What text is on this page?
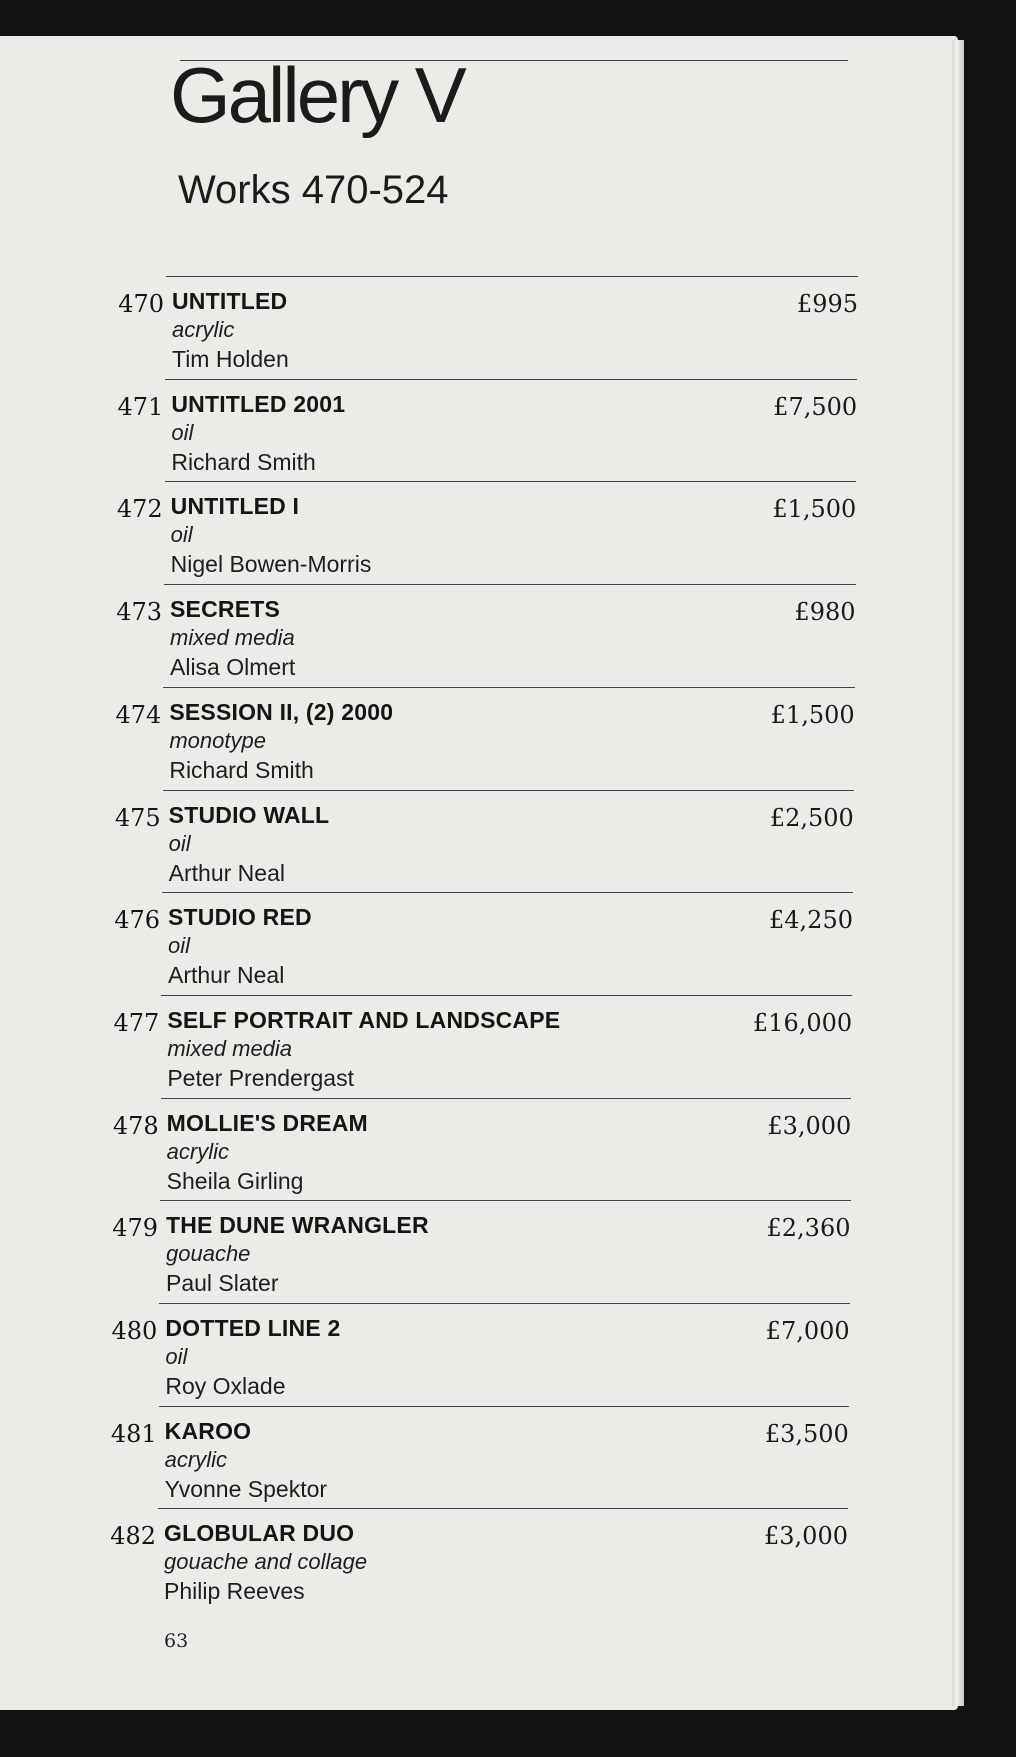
Gallery V
Works 470-524
470 UNTITLED
acrylic
Tim Holden
£995
471 UNTITLED 2001
oil
Richard Smith
£7,500
472 UNTITLED I
oil
Nigel Bowen-Morris
£1,500
473 SECRETS
mixed media
Alisa Olmert
£980
474 SESSION II, (2) 2000
monotype
Richard Smith
£1,500
475 STUDIO WALL
oil
Arthur Neal
£2,500
476 STUDIO RED
oil
Arthur Neal
£4,250
477 SELF PORTRAIT AND LANDSCAPE
mixed media
Peter Prendergast
£16,000
478 MOLLIE'S DREAM
acrylic
Sheila Girling
£3,000
479 THE DUNE WRANGLER
gouache
Paul Slater
£2,360
480 DOTTED LINE 2
oil
Roy Oxlade
£7,000
481 KAROO
acrylic
Yvonne Spektor
£3,500
482 GLOBULAR DUO
gouache and collage
Philip Reeves
£3,000
63
